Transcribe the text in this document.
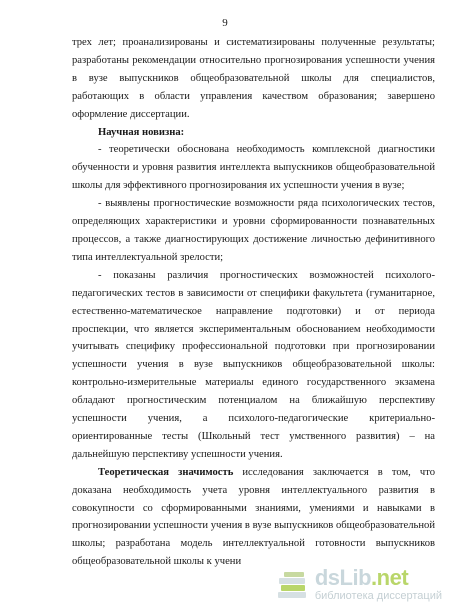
9

трех лет; проанализированы и систематизированы полученные результаты; разработаны рекомендации относительно прогнозирования успешности учения в вузе выпускников общеобразовательной школы для специалистов, работающих в области управления качеством образования; завершено оформление диссертации.

Научная новизна:

- теоретически обоснована необходимость комплексной диагностики обученности и уровня развития интеллекта выпускников общеобразовательной школы для эффективного прогнозирования их успешности учения в вузе;

- выявлены прогностические возможности ряда психологических тестов, определяющих характеристики и уровни сформированности познавательных процессов, а также диагностирующих достижение личностью дефинитивного типа интеллектуальной зрелости;

- показаны различия прогностических возможностей психолого-педагогических тестов в зависимости от специфики факультета (гуманитарное, естественно-математическое направление подготовки) и от периода проспекции, что является экспериментальным обоснованием необходимости учитывать специфику профессиональной подготовки при прогнозировании успешности учения в вузе выпускников общеобразовательной школы: контрольно-измерительные материалы единого государственного экзамена обладают прогностическим потенциалом на ближайшую перспективу успешности учения, а психолого-педагогические критериально-ориентированные тесты (Школьный тест умственного развития) – на дальнейшую перспективу успешности учения.

Теоретическая значимость исследования заключается в том, что доказана необходимость учета уровня интеллектуального развития в совокупности со сформированными знаниями, умениями и навыками в прогнозировании успешности учения в вузе выпускников общеобразовательной школы; разработана модель интеллектуальной готовности выпускников общеобразовательной школы к учени

dsLib.net
библиотека диссертаций
